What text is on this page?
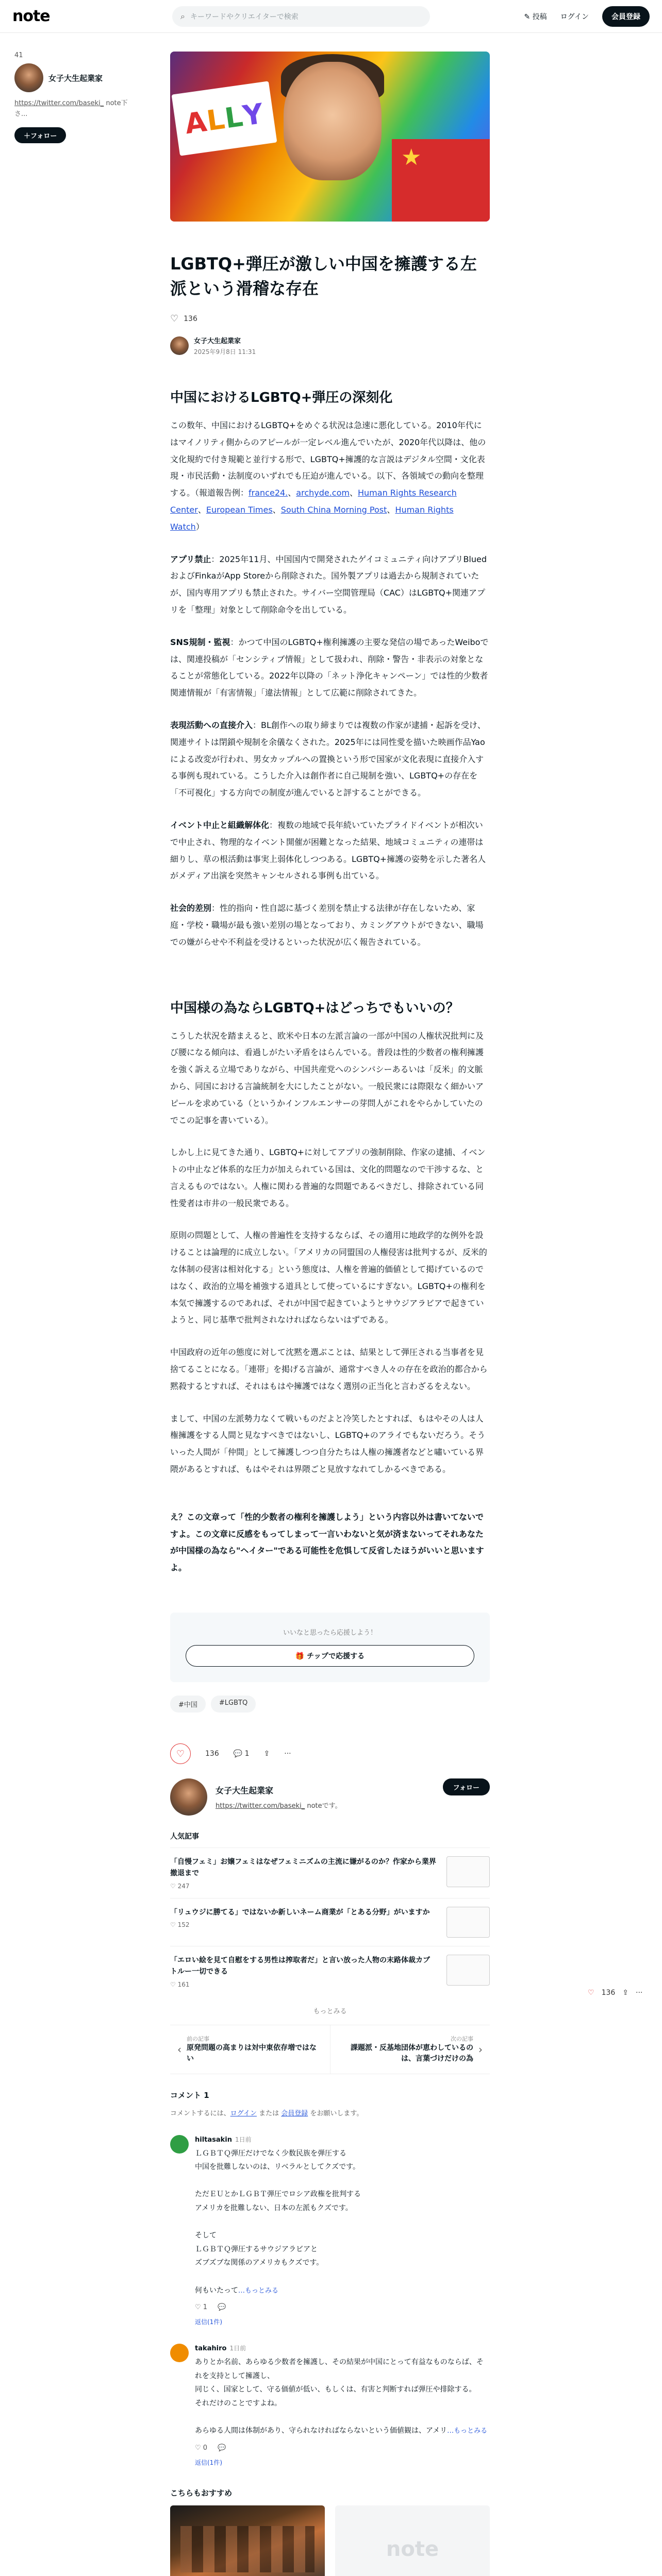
note	⌕ キーワードやクリエイターで検索	✎ 投稿 ログイン	会員登録
41
女子大生起業家
https://twitter.com/baseki_ note下さ...
＋フォロー	A
L
L
Y
★
LGBTQ+弾圧が激しい中国を擁護する左派という滑稽な存在
♡ 136
女子大生起業家
2025年9月8日 11:31
中国におけるLGBTQ+弾圧の深刻化

この数年、中国におけるLGBTQ+をめぐる状況は急速に悪化している。2010年代にはマイノリティ側からのアピールが一定レベル進んでいたが、2020年代以降は、他の文化規約で付き規範と並行する形で、LGBTQ+擁護的な言説はデジタル空間・文化表現・市民活動・法制度のいずれでも圧迫が進んでいる。以下、各領域での動向を整理する。（報道報告例：france24.、archyde.com、Human Rights Research Center、European Times、South China Morning Post、Human Rights Watch）

アプリ禁止：2025年11月、中国国内で開発されたゲイコミュニティ向けアプリBluedおよびFinkaがApp Storeから削除された。国外製アプリは過去から規制されていたが、国内専用アプリも禁止された。サイバー空間管理局（CAC）はLGBTQ+関連アプリを「整理」対象として削除命令を出している。

SNS規制・監視：かつて中国のLGBTQ+権利擁護の主要な発信の場であったWeiboでは、関連投稿が「センシティブ情報」として扱われ、削除・警告・非表示の対象となることが常態化している。2022年以降の「ネット浄化キャンペーン」では性的少数者関連情報が「有害情報」「違法情報」として広範に削除されてきた。

表現活動への直接介入：BL創作への取り締まりでは複数の作家が逮捕・起訴を受け、関連サイトは閉鎖や規制を余儀なくされた。2025年には同性愛を描いた映画作品Yaoによる改変が行われ、男女カップルへの置換という形で国家が文化表現に直接介入する事例も現れている。こうした介入は創作者に自己規制を強い、LGBTQ+の存在を「不可視化」する方向での制度が進んでいると評することができる。

イベント中止と組織解体化：複数の地域で長年続いていたプライドイベントが相次いで中止され、物理的なイベント開催が困難となった結果、地域コミュニティの連帯は細りし、草の根活動は事実上弱体化しつつある。LGBTQ+擁護の姿勢を示した著名人がメディア出演を突然キャンセルされる事例も出ている。

社会的差別：性的指向・性自認に基づく差別を禁止する法律が存在しないため、家庭・学校・職場が最も強い差別の場となっており、カミングアウトができない、職場での嫌がらせや不利益を受けるといった状況が広く報告されている。

中国様の為ならLGBTQ+はどっちでもいいの？

こうした状況を踏まえると、欧米や日本の左派言論の一部が中国の人権状況批判に及び腰になる傾向は、看過しがたい矛盾をはらんでいる。普段は性的少数者の権利擁護を強く訴える立場でありながら、中国共産党へのシンパシーあるいは「反米」的文脈から、同国における言論統制を大にしたことがない。一般民衆には際限なく細かいアピールを求めている（というかインフルエンサーの芽問人がこれをやらかしていたのでこの記事を書いている）。

しかし上に見てきた通り、LGBTQ+に対してアプリの強制削除、作家の逮捕、イベントの中止など体系的な圧力が加えられている国は、文化的問題なので干渉するな、と言えるものではない。人権に関わる普遍的な問題であるべきだし、排除されている同性愛者は市井の一般民衆である。

原則の問題として、人権の普遍性を支持するならば、その適用に地政学的な例外を設けることは論理的に成立しない。「アメリカの同盟国の人権侵害は批判するが、反米的な体制の侵害は相対化する」という態度は、人権を普遍的価値として掲げているのではなく、政治的立場を補強する道具として使っているにすぎない。LGBTQ+の権利を本気で擁護するのであれば、それが中国で起きていようとサウジアラビアで起きていようと、同じ基準で批判されなければならないはずである。

中国政府の近年の態度に対して沈黙を選ぶことは、結果として弾圧される当事者を見捨てることになる。「連帯」を掲げる言論が、通常すべき人々の存在を政治的都合から黙殺するとすれば、それはもはや擁護ではなく選別の正当化と言わざるをえない。

まして、中国の左派勢力なくて戦いものだよと冷笑したとすれば、もはやその人は人権擁護をする人間と見なすべきではないし、LGBTQ+のアライでもないだろう。そういった人間が「仲間」として擁護しつつ自分たちは人権の擁護者などと嘯いている界隈があるとすれば、もはやそれは界隈ごと見放すなれてしかるべきである。

え？この文章って「性的少数者の権利を擁護しよう」という内容以外は書いてないですよ。この文章に反感をもってしまって一言いわないと気が済まないってそれあなたが中国様の為なら"ヘイター"である可能性を危惧して反省したほうがいいと思いますよ。

いいなと思ったら応援しよう！
🎁 チップで応援する
#中国	#LGBTQ
♡	136 💬 1 ⇪ ···
女子大生起業家
https://twitter.com/baseki_ noteです。
フォロー
人気記事
「自慢フェミ」お嬢フェミはなぜフェミニズムの主流に嫌がるのか？作家から業界撤退まで
♡ 247
「リュウジに勝てる」ではないか新しいネーム商業が「とある分野」がいますか
♡ 152
「エロい絵を見て自慰をする男性は搾取者だ」と言い放った人物の末路体裁カブトルー一切できる
♡ 161
もっとみる
‹
前の記事
原発問題の高まりは対中東依存増ではない
次の記事
課題派・反基地団体が恵わしているのは、言葉づけだけの為
›
コメント 1
コメントするには、ログイン または 会員登録 をお願いします。
hiltasakin 1日前
ＬＧＢＴＱ弾圧だけでなく少数民族を弾圧する
中国を批難しないのは、リベラルとしてクズです。

ただＥＵとかＬＧＢＴ弾圧でロシア政権を批判する
アメリカを批難しない、日本の左派もクズです。

そして
ＬＧＢＴＱ弾圧するサウジアラビアと
ズブズブな関係のアメリカもクズです。

何もいたって…もっとみる
♡ 1 💬
返信(1件)
takahiro 1日前
ありとか名前、あらゆる少数者を擁護し、その結果が中国にとって有益なものならば、それを支持として擁護し、
同じく、国家として、守る価値が低い、もしくは、有害と判断すれば弾圧や排除する。
それだけのことですよね。

あらゆる人間は体制があり、守られなければならないという価値観は、アメリ…もっとみる
♡ 0 💬
返信(1件)
こちらもおすすめ
note
♡ 136 ⇪ ···
